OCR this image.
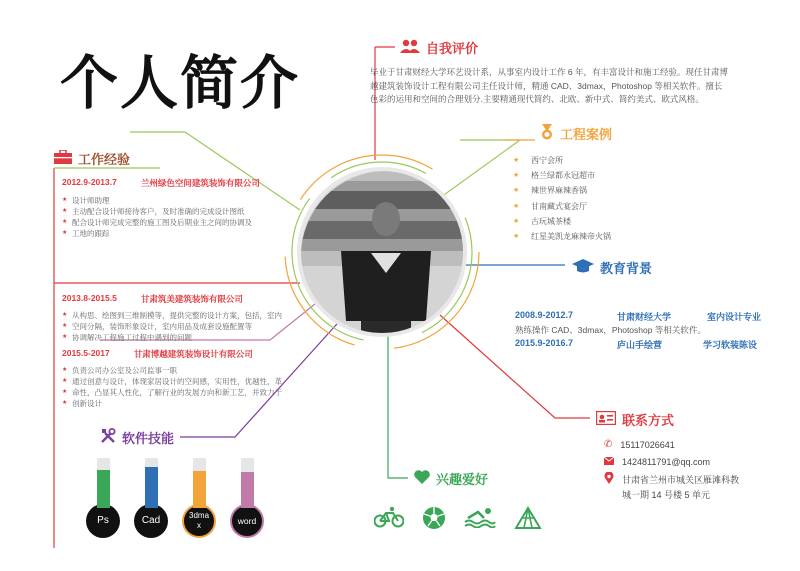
个人简介
自我评价
毕业于甘肃财经大学环艺设计系，从事室内设计工作 6 年，有丰富设计和施工经验。现任甘肃博
越建筑装饰设计工程有限公司主任设计师，精通 CAD、3dmax，Photoshop 等相关软件。擅长
色彩的运用和空间的合理划分.主要精通现代简约、北欧、新中式、简约美式、欧式风格。
工程案例
★ 西宁会所
★ 格兰绿都永冠超市
★ 辣世界麻辣香锅
★ 甘南藏式宴会厅
★ 古玩城茶楼
★ 红星美凯龙麻辣帝火锅
教育背景
2008.9-2012.7	甘肃财经大学	室内设计专业
熟练操作 CAD、3dmax，Photoshop 等相关软件。
2015.9-2016.7	庐山手绘营	学习软装陈设
联系方式
✆ 15117026641
1424811791@qq.com
甘肃省兰州市城关区雁滩科教
城一期 14 号楼 5 单元
兴趣爱好
工作经验
2012.9-2013.7	兰州绿色空间建筑装饰有限公司
★ 设计师助理
★ 主动配合设计师接待客户，及时准确的完成设计图纸
★ 配合设计师完成完整的施工图及后期业主之间的协调及
★ 工地的跟踪
2013.8-2015.5	甘肃筑美建筑装饰有限公司
★ 从构思、绘图到三维制模等，提供完整的设计方案，包括，室内
★ 空间分隔，装饰形象设计，室内用品及成套设施配置等
★ 协调解决工程施工过程中遇到的问题
2015.5-2017	甘肃博越建筑装饰设计有限公司
★ 负责公司办公室及公司监事一职
★ 通过创意与设计，体现家居设计的空间感，实用性，优越性，革
★ 命性，凸显其人性化，了解行业的发展方向和新工艺，并致力于
★ 创新设计
软件技能
Ps	Cad	3dma x	word
